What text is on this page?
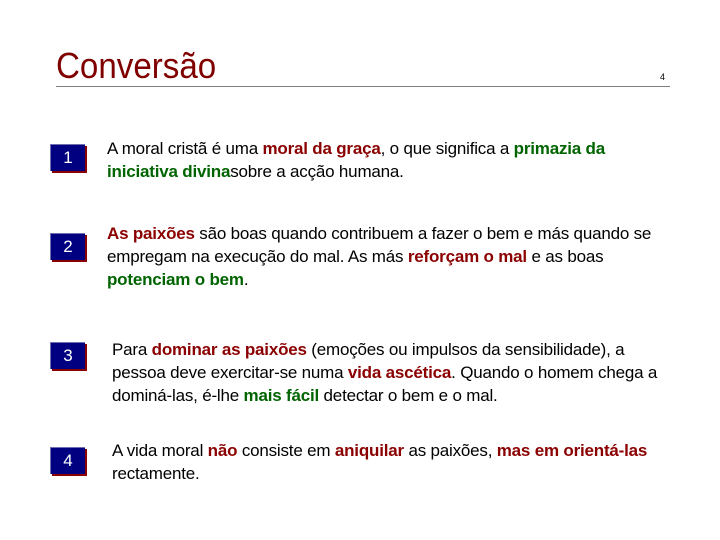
Conversão	4
1	A moral cristã é uma moral da graça, o que significa a primazia da iniciativa divinasobre a acção humana.
2
As paixões são boas quando contribuem a fazer o bem e más quando se empregam na execução do mal. As más reforçam o mal e as boas potenciam o bem.
3	Para dominar as paixões (emoções ou impulsos da sensibilidade), a pessoa deve exercitar-se numa vida ascética. Quando o homem chega a dominá-las, é-lhe mais fácil detectar o bem e o mal.
4
A vida moral não consiste em aniquilar as paixões, mas em orientá-las rectamente.
